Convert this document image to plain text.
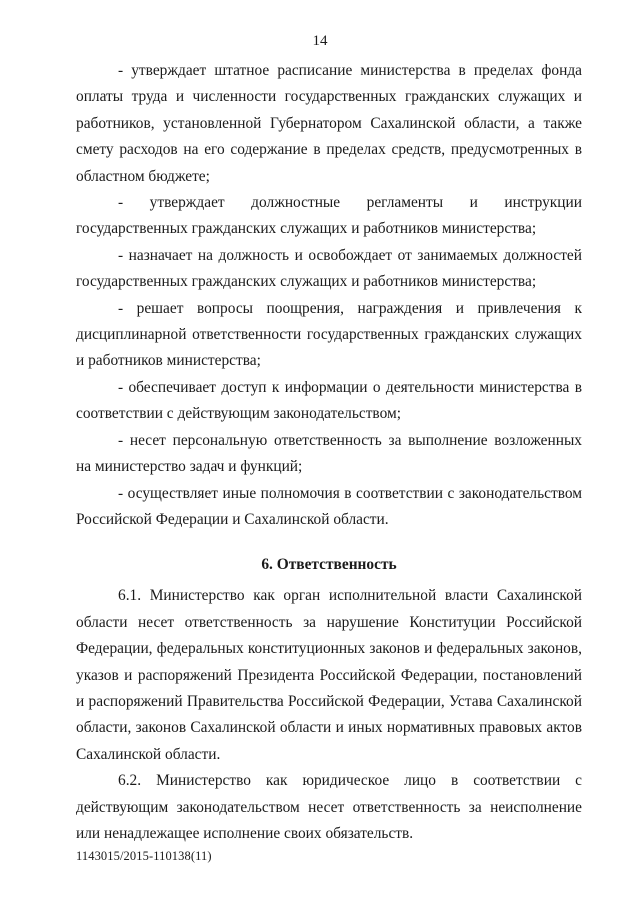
14

- утверждает штатное расписание министерства в пределах фонда оплаты труда и численности государственных гражданских служащих и работников, установленной Губернатором Сахалинской области, а также смету расходов на его содержание в пределах средств, предусмотренных в областном бюджете;

- утверждает должностные регламенты и инструкции государственных гражданских служащих и работников министерства;

- назначает на должность и освобождает от занимаемых должностей государственных гражданских служащих и работников министерства;

- решает вопросы поощрения, награждения и привлечения к дисциплинарной ответственности государственных гражданских служащих и работников министерства;

- обеспечивает доступ к информации о деятельности министерства в соответствии с действующим законодательством;

- несет персональную ответственность за выполнение возложенных на министерство задач и функций;

- осуществляет иные полномочия в соответствии с законодательством Российской Федерации и Сахалинской области.

6. Ответственность

6.1. Министерство как орган исполнительной власти Сахалинской области несет ответственность за нарушение Конституции Российской Федерации, федеральных конституционных законов и федеральных законов, указов и распоряжений Президента Российской Федерации, постановлений и распоряжений Правительства Российской Федерации, Устава Сахалинской области, законов Сахалинской области и иных нормативных правовых актов Сахалинской области.

6.2. Министерство как юридическое лицо в соответствии с действующим законодательством несет ответственность за неисполнение или ненадлежащее исполнение своих обязательств.

1143015/2015-110138(11)
